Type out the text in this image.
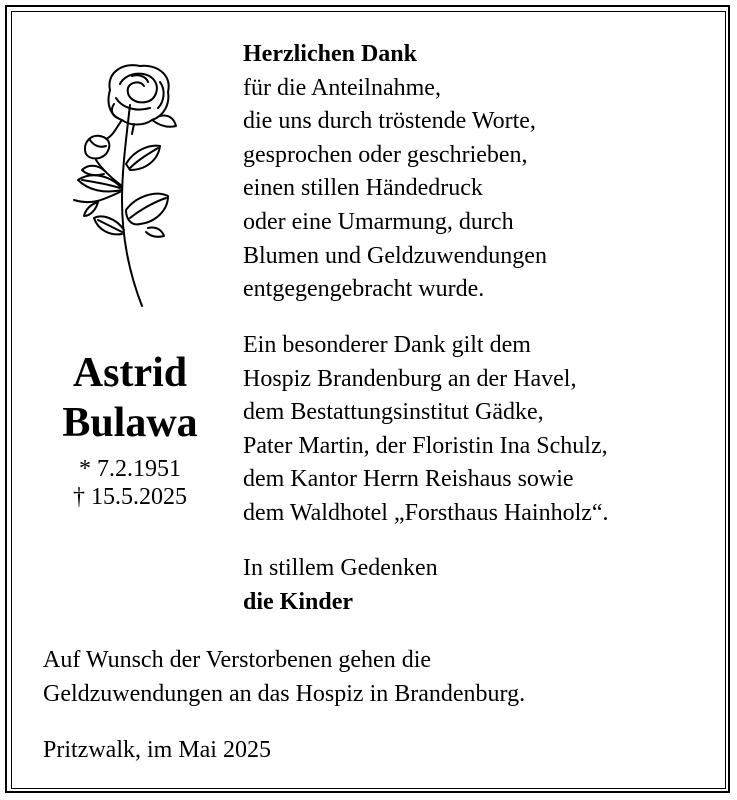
Astrid
Bulawa
* 7.2.1951
† 15.5.2025
Herzlichen Dank
für die Anteilnahme,
die uns durch tröstende Worte,
gesprochen oder geschrieben,
einen stillen Händedruck
oder eine Umarmung, durch
Blumen und Geldzuwendungen
entgegengebracht wurde.
Ein besonderer Dank gilt dem
Hospiz Brandenburg an der Havel,
dem Bestattungsinstitut Gädke,
Pater Martin, der Floristin Ina Schulz,
dem Kantor Herrn Reishaus sowie
dem Waldhotel „Forsthaus Hainholz“.
In stillem Gedenken
die Kinder
Auf Wunsch der Verstorbenen gehen die
Geldzuwendungen an das Hospiz in Brandenburg.
Pritzwalk, im Mai 2025
